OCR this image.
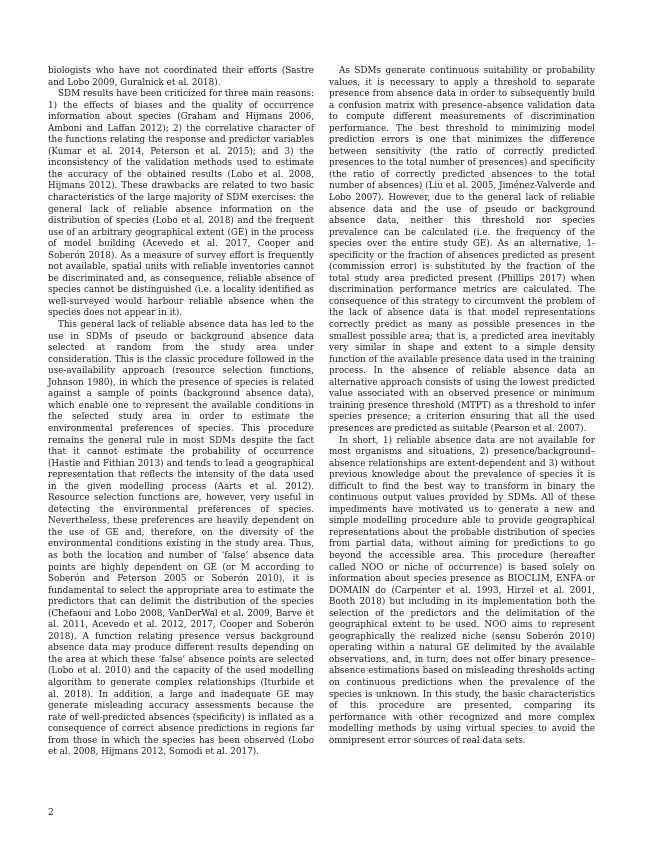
biologists who have not coordinated their efforts (Sastre and Lobo 2009, Guralnick et al. 2018).

SDM results have been criticized for three main reasons: 1) the effects of biases and the quality of occurrence information about species (Graham and Hijmans 2006, Amboni and Laffan 2012); 2) the correlative character of the functions relating the response and predictor variables (Kumar et al. 2014, Peterson et al. 2015); and 3) the inconsistency of the validation methods used to estimate the accuracy of the obtained results (Lobo et al. 2008, Hijmans 2012). These drawbacks are related to two basic characteristics of the large majority of SDM exercises: the general lack of reliable absence information on the distribution of species (Lobo et al. 2018) and the frequent use of an arbitrary geographical extent (GE) in the process of model building (Acevedo et al. 2017, Cooper and Soberón 2018). As a measure of survey effort is frequently not available, spatial units with reliable inventories cannot be discriminated and, as consequence, reliable absence of species cannot be distinguished (i.e. a locality identified as well-surveyed would harbour reliable absence when the species does not appear in it).

This general lack of reliable absence data has led to the use in SDMs of pseudo or background absence data selected at random from the study area under consideration. This is the classic procedure followed in the use-availability approach (resource selection functions, Johnson 1980), in which the presence of species is related against a sample of points (background absence data), which enable one to represent the available conditions in the selected study area in order to estimate the environmental preferences of species. This procedure remains the general rule in most SDMs despite the fact that it cannot estimate the probability of occurrence (Hastie and Fithian 2013) and tends to lead a geographical representation that reflects the intensity of the data used in the given modelling process (Aarts et al. 2012). Resource selection functions are, however, very useful in detecting the environmental preferences of species. Nevertheless, these preferences are heavily dependent on the use of GE and, therefore, on the diversity of the environmental conditions existing in the study area. Thus, as both the location and number of ‘false’ absence data points are highly dependent on GE (or M according to Soberón and Peterson 2005 or Soberón 2010), it is fundamental to select the appropriate area to estimate the predictors that can delimit the distribution of the species (Chefaoui and Lobo 2008, VanDerWal et al. 2009, Barve et al. 2011, Acevedo et al. 2012, 2017, Cooper and Soberón 2018). A function relating presence versus background absence data may produce different results depending on the area at which these ‘false’ absence points are selected (Lobo et al. 2010) and the capacity of the used modelling algorithm to generate complex relationships (Iturbide et al. 2018). In addition, a large and inadequate GE may generate misleading accuracy assessments because the rate of well-predicted absences (specificity) is inflated as a consequence of correct absence predictions in regions far from those in which the species has been observed (Lobo et al. 2008, Hijmans 2012, Somodi et al. 2017).

As SDMs generate continuous suitability or probability values, it is necessary to apply a threshold to separate presence from absence data in order to subsequently build a confusion matrix with presence–absence validation data to compute different measurements of discrimination performance. The best threshold to minimizing model prediction errors is one that minimizes the difference between sensitivity (the ratio of correctly predicted presences to the total number of presences) and specificity (the ratio of correctly predicted absences to the total number of absences) (Liu et al. 2005, Jiménez-Valverde and Lobo 2007). However, due to the general lack of reliable absence data and the use of pseudo or background absence data, neither this threshold nor species prevalence can be calculated (i.e. the frequency of the species over the entire study GE). As an alternative, 1-specificity or the fraction of absences predicted as present (commission error) is substituted by the fraction of the total study area predicted present (Phillips 2017) when discrimination performance metrics are calculated. The consequence of this strategy to circumvent the problem of the lack of absence data is that model representations correctly predict as many as possible presences in the smallest possible area; that is, a predicted area inevitably very similar in shape and extent to a simple density function of the available presence data used in the training process. In the absence of reliable absence data an alternative approach consists of using the lowest predicted value associated with an observed presence or minimum training presence threshold (MTPT) as a threshold to infer species presence; a criterion ensuring that all the used presences are predicted as suitable (Pearson et al. 2007).

In short, 1) reliable absence data are not available for most organisms and situations, 2) presence/background–absence relationships are extent-dependent and 3) without previous knowledge about the prevalence of species it is difficult to find the best way to transform in binary the continuous output values provided by SDMs. All of these impediments have motivated us to generate a new and simple modelling procedure able to provide geographical representations about the probable distribution of species from partial data, without aiming for predictions to go beyond the accessible area. This procedure (hereafter called NOO or niche of occurrence) is based solely on information about species presence as BIOCLIM, ENFA or DOMAIN do (Carpenter et al. 1993, Hirzel et al. 2001, Booth 2018) but including in its implementation both the selection of the predictors and the delimitation of the geographical extent to be used. NOO aims to represent geographically the realized niche (sensu Soberón 2010) operating within a natural GE delimited by the available observations, and, in turn, does not offer binary presence–absence estimations based on misleading thresholds acting on continuous predictions when the prevalence of the species is unknown. In this study, the basic characteristics of this procedure are presented, comparing its performance with other recognized and more complex modelling methods by using virtual species to avoid the omnipresent error sources of real data sets.

2
